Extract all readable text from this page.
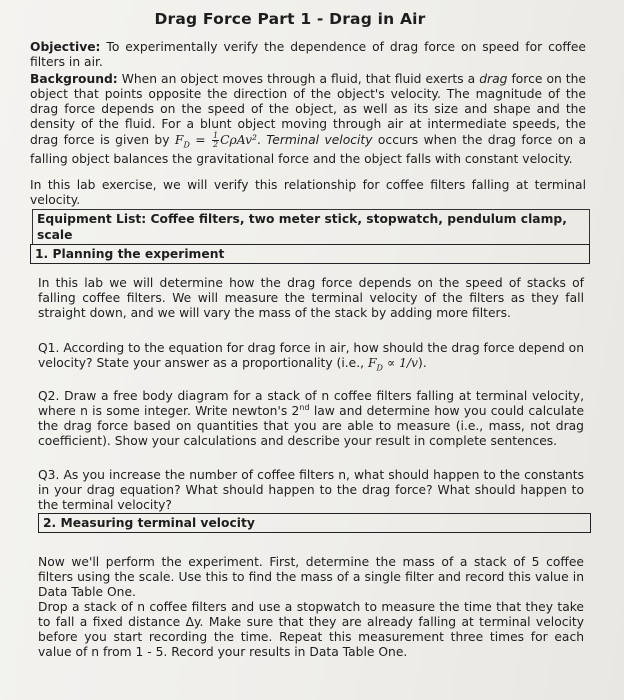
Drag Force Part 1 - Drag in Air
Objective: To experimentally verify the dependence of drag force on speed for coffee filters in air.
Background: When an object moves through a fluid, that fluid exerts a drag force on the object that points opposite the direction of the object's velocity. The magnitude of the drag force depends on the speed of the object, as well as its size and shape and the density of the fluid. For a blunt object moving through air at intermediate speeds, the drag force is given by $F_D = \frac{1}{2} C\rho Av^2$. Terminal velocity occurs when the drag force on a falling object balances the gravitational force and the object falls with constant velocity.
In this lab exercise, we will verify this relationship for coffee filters falling at terminal velocity.
Equipment List: Coffee filters, two meter stick, stopwatch, pendulum clamp, scale
1. Planning the experiment
In this lab we will determine how the drag force depends on the speed of stacks of falling coffee filters. We will measure the terminal velocity of the filters as they fall straight down, and we will vary the mass of the stack by adding more filters.
Q1. According to the equation for drag force in air, how should the drag force depend on velocity? State your answer as a proportionality (i.e., $F_D \propto 1/v$).
Q2. Draw a free body diagram for a stack of n coffee filters falling at terminal velocity, where n is some integer. Write newton's 2nd law and determine how you could calculate the drag force based on quantities that you are able to measure (i.e., mass, not drag coefficient). Show your calculations and describe your result in complete sentences.
Q3. As you increase the number of coffee filters n, what should happen to the constants in your drag equation? What should happen to the drag force? What should happen to the terminal velocity?
2. Measuring terminal velocity
Now we'll perform the experiment. First, determine the mass of a stack of 5 coffee filters using the scale. Use this to find the mass of a single filter and record this value in Data Table One.
Drop a stack of n coffee filters and use a stopwatch to measure the time that they take to fall a fixed distance Δy. Make sure that they are already falling at terminal velocity before you start recording the time. Repeat this measurement three times for each value of n from 1 - 5. Record your results in Data Table One.
